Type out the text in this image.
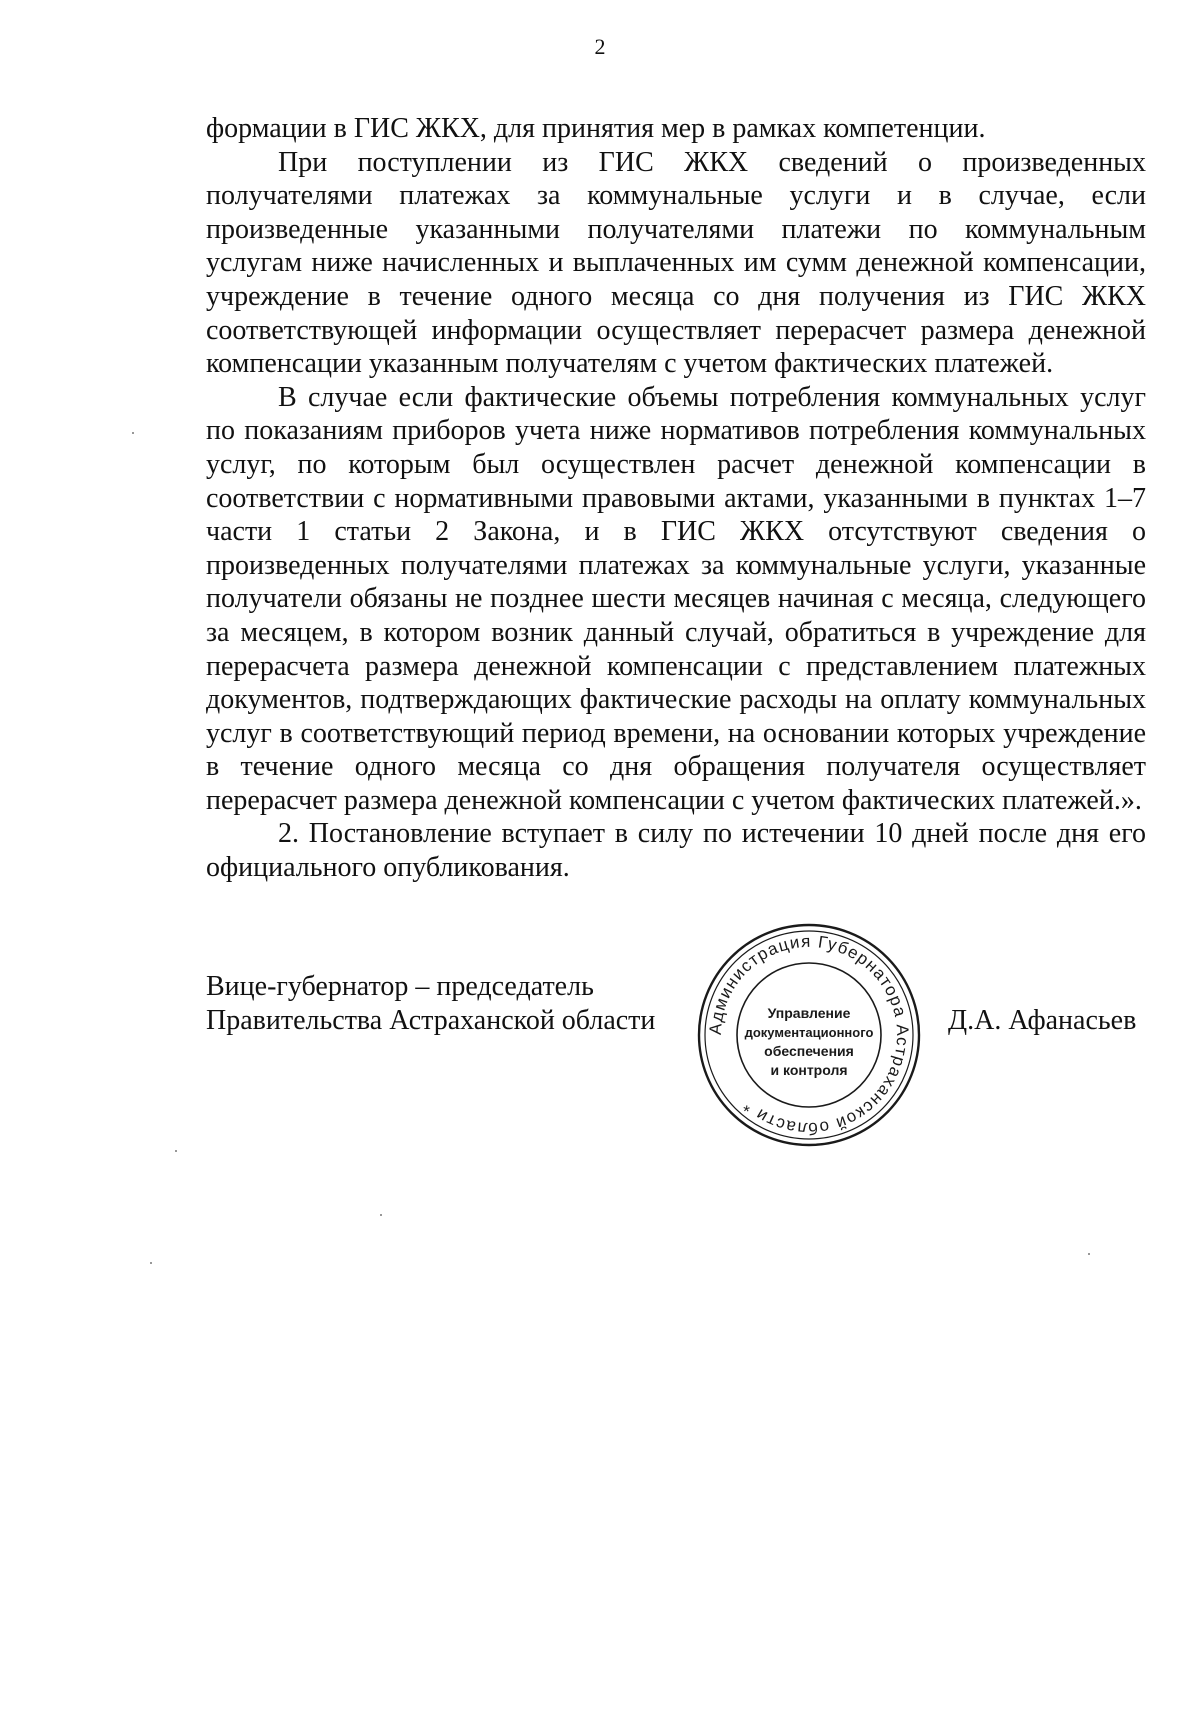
2

формации в ГИС ЖКХ, для принятия мер в рамках компетенции.

При поступлении из ГИС ЖКХ сведений о произведенных получателями платежах за коммунальные услуги и в случае, если произведенные указанными получателями платежи по коммунальным услугам ниже начисленных и выплаченных им сумм денежной компенсации, учреждение в течение одного месяца со дня получения из ГИС ЖКХ соответствующей информации осуществляет перерасчет размера денежной компенсации указанным получателям с учетом фактических платежей.

В случае если фактические объемы потребления коммунальных услуг по показаниям приборов учета ниже нормативов потребления коммунальных услуг, по которым был осуществлен расчет денежной компенсации в соответствии с нормативными правовыми актами, указанными в пунктах 1–7 части 1 статьи 2 Закона, и в ГИС ЖКХ отсутствуют сведения о произведенных получателями платежах за коммунальные услуги, указанные получатели обязаны не позднее шести месяцев начиная с месяца, следующего за месяцем, в котором возник данный случай, обратиться в учреждение для перерасчета размера денежной компенсации с представлением платежных документов, подтверждающих фактические расходы на оплату коммунальных услуг в соответствующий период времени, на основании которых учреждение в течение одного месяца со дня обращения получателя осуществляет перерасчет размера денежной компенсации с учетом фактических платежей.».

2. Постановление вступает в силу по истечении 10 дней после дня его официального опубликования.

Вице-губернатор – председатель
Правительства Астраханской области	Д.А. Афанасьев
Администрация Губернатора Астраханской области *
Управление
документационного
обеспечения
и контроля
